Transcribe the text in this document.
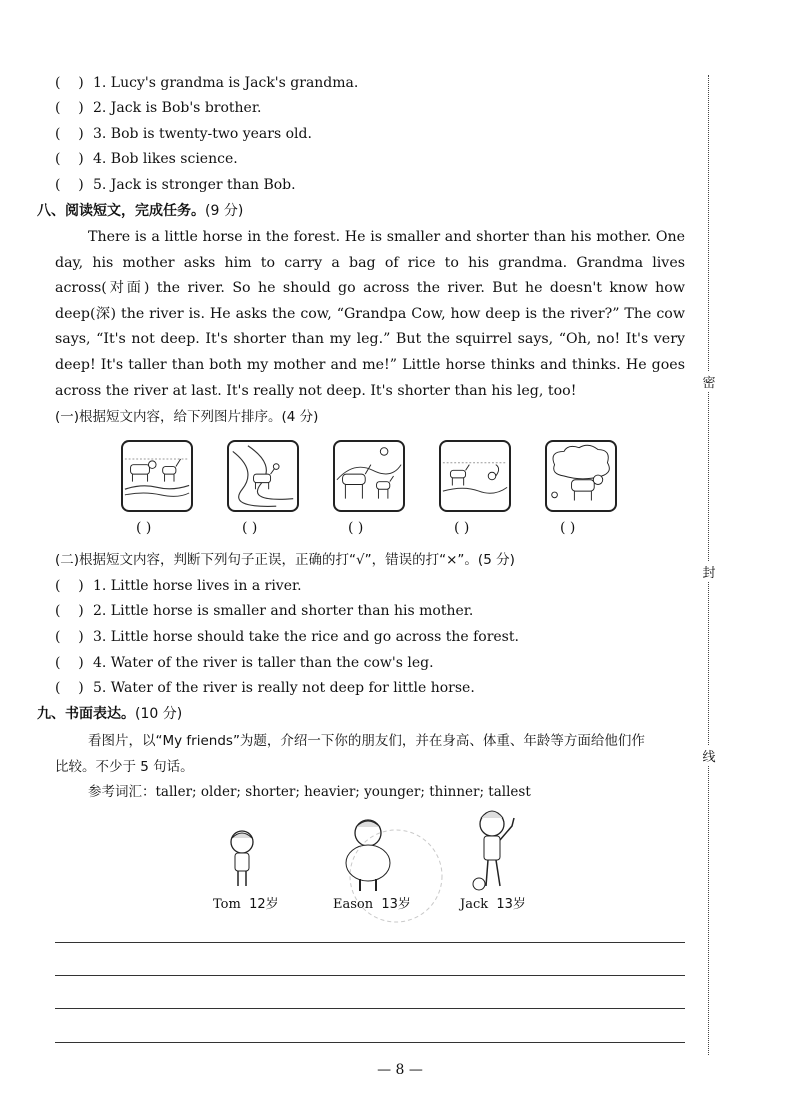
( ) 1. Lucy's grandma is Jack's grandma.
( ) 2. Jack is Bob's brother.
( ) 3. Bob is twenty-two years old.
( ) 4. Bob likes science.
( ) 5. Jack is stronger than Bob.
八、阅读短文，完成任务。(9 分)

There is a little horse in the forest. He is smaller and shorter than his mother. One day, his mother asks him to carry a bag of rice to his grandma. Grandma lives across(对面) the river. So he should go across the river. But he doesn't know how deep(深) the river is. He asks the cow, “Grandpa Cow, how deep is the river?” The cow says, “It's not deep. It's shorter than my leg.” But the squirrel says, “Oh, no! It's very deep! It's taller than both my mother and me!” Little horse thinks and thinks. He goes across the river at last. It's really not deep. It's shorter than his leg, too!

(一)根据短文内容，给下列图片排序。(4 分)
( )	( )	( )	( )	( )
(二)根据短文内容，判断下列句子正误，正确的打“√”，错误的打“×”。(5 分)
( ) 1. Little horse lives in a river.
( ) 2. Little horse is smaller and shorter than his mother.
( ) 3. Little horse should take the rice and go across the forest.
( ) 4. Water of the river is taller than the cow's leg.
( ) 5. Water of the river is really not deep for little horse.
九、书面表达。(10 分)
看图片，以“My friends”为题，介绍一下你的朋友们，并在身高、体重、年龄等方面给他们作
比较。不少于 5 句话。
参考词汇：taller; older; shorter; heavier; younger; thinner; tallest
Tom 12岁	Eason 13岁	Jack 13岁
密
封
线
— 8 —
